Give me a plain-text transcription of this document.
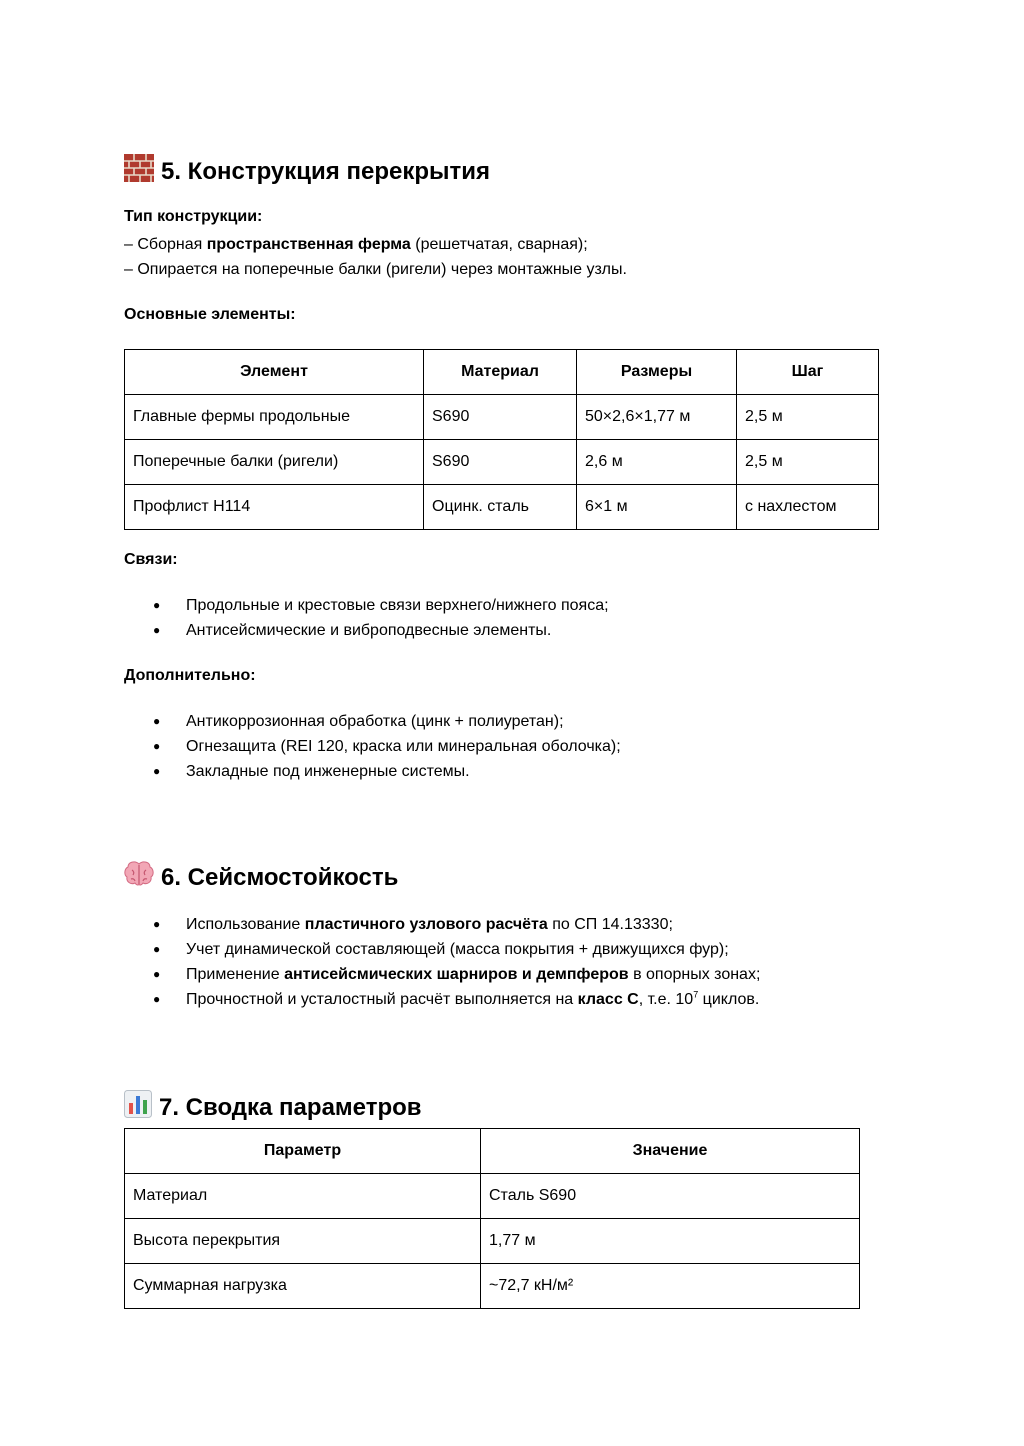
5. Конструкция перекрытия
Тип конструкции:
– Сборная пространственная ферма (решетчатая, сварная);
– Опирается на поперечные балки (ригели) через монтажные узлы.
Основные элементы:
Элемент	Материал	Размеры	Шаг
Главные фермы продольные	S690	50×2,6×1,77 м	2,5 м
Поперечные балки (ригели)	S690	2,6 м	2,5 м
Профлист Н114	Оцинк. сталь	6×1 м	с нахлестом
Связи:
● Продольные и крестовые связи верхнего/нижнего пояса;
● Антисейсмические и виброподвесные элементы.
Дополнительно:
● Антикоррозионная обработка (цинк + полиуретан);
● Огнезащита (REI 120, краска или минеральная оболочка);
● Закладные под инженерные системы.
6. Сейсмостойкость
● Использование пластичного узлового расчёта по СП 14.13330;
● Учет динамической составляющей (масса покрытия + движущихся фур);
● Применение антисейсмических шарниров и демпферов в опорных зонах;
● Прочностной и усталостный расчёт выполняется на класс С, т.е. $10^7$ циклов.
7. Сводка параметров
Параметр	Значение
Материал	Сталь S690
Высота перекрытия	1,77 м
Суммарная нагрузка	~72,7 кН/м²
